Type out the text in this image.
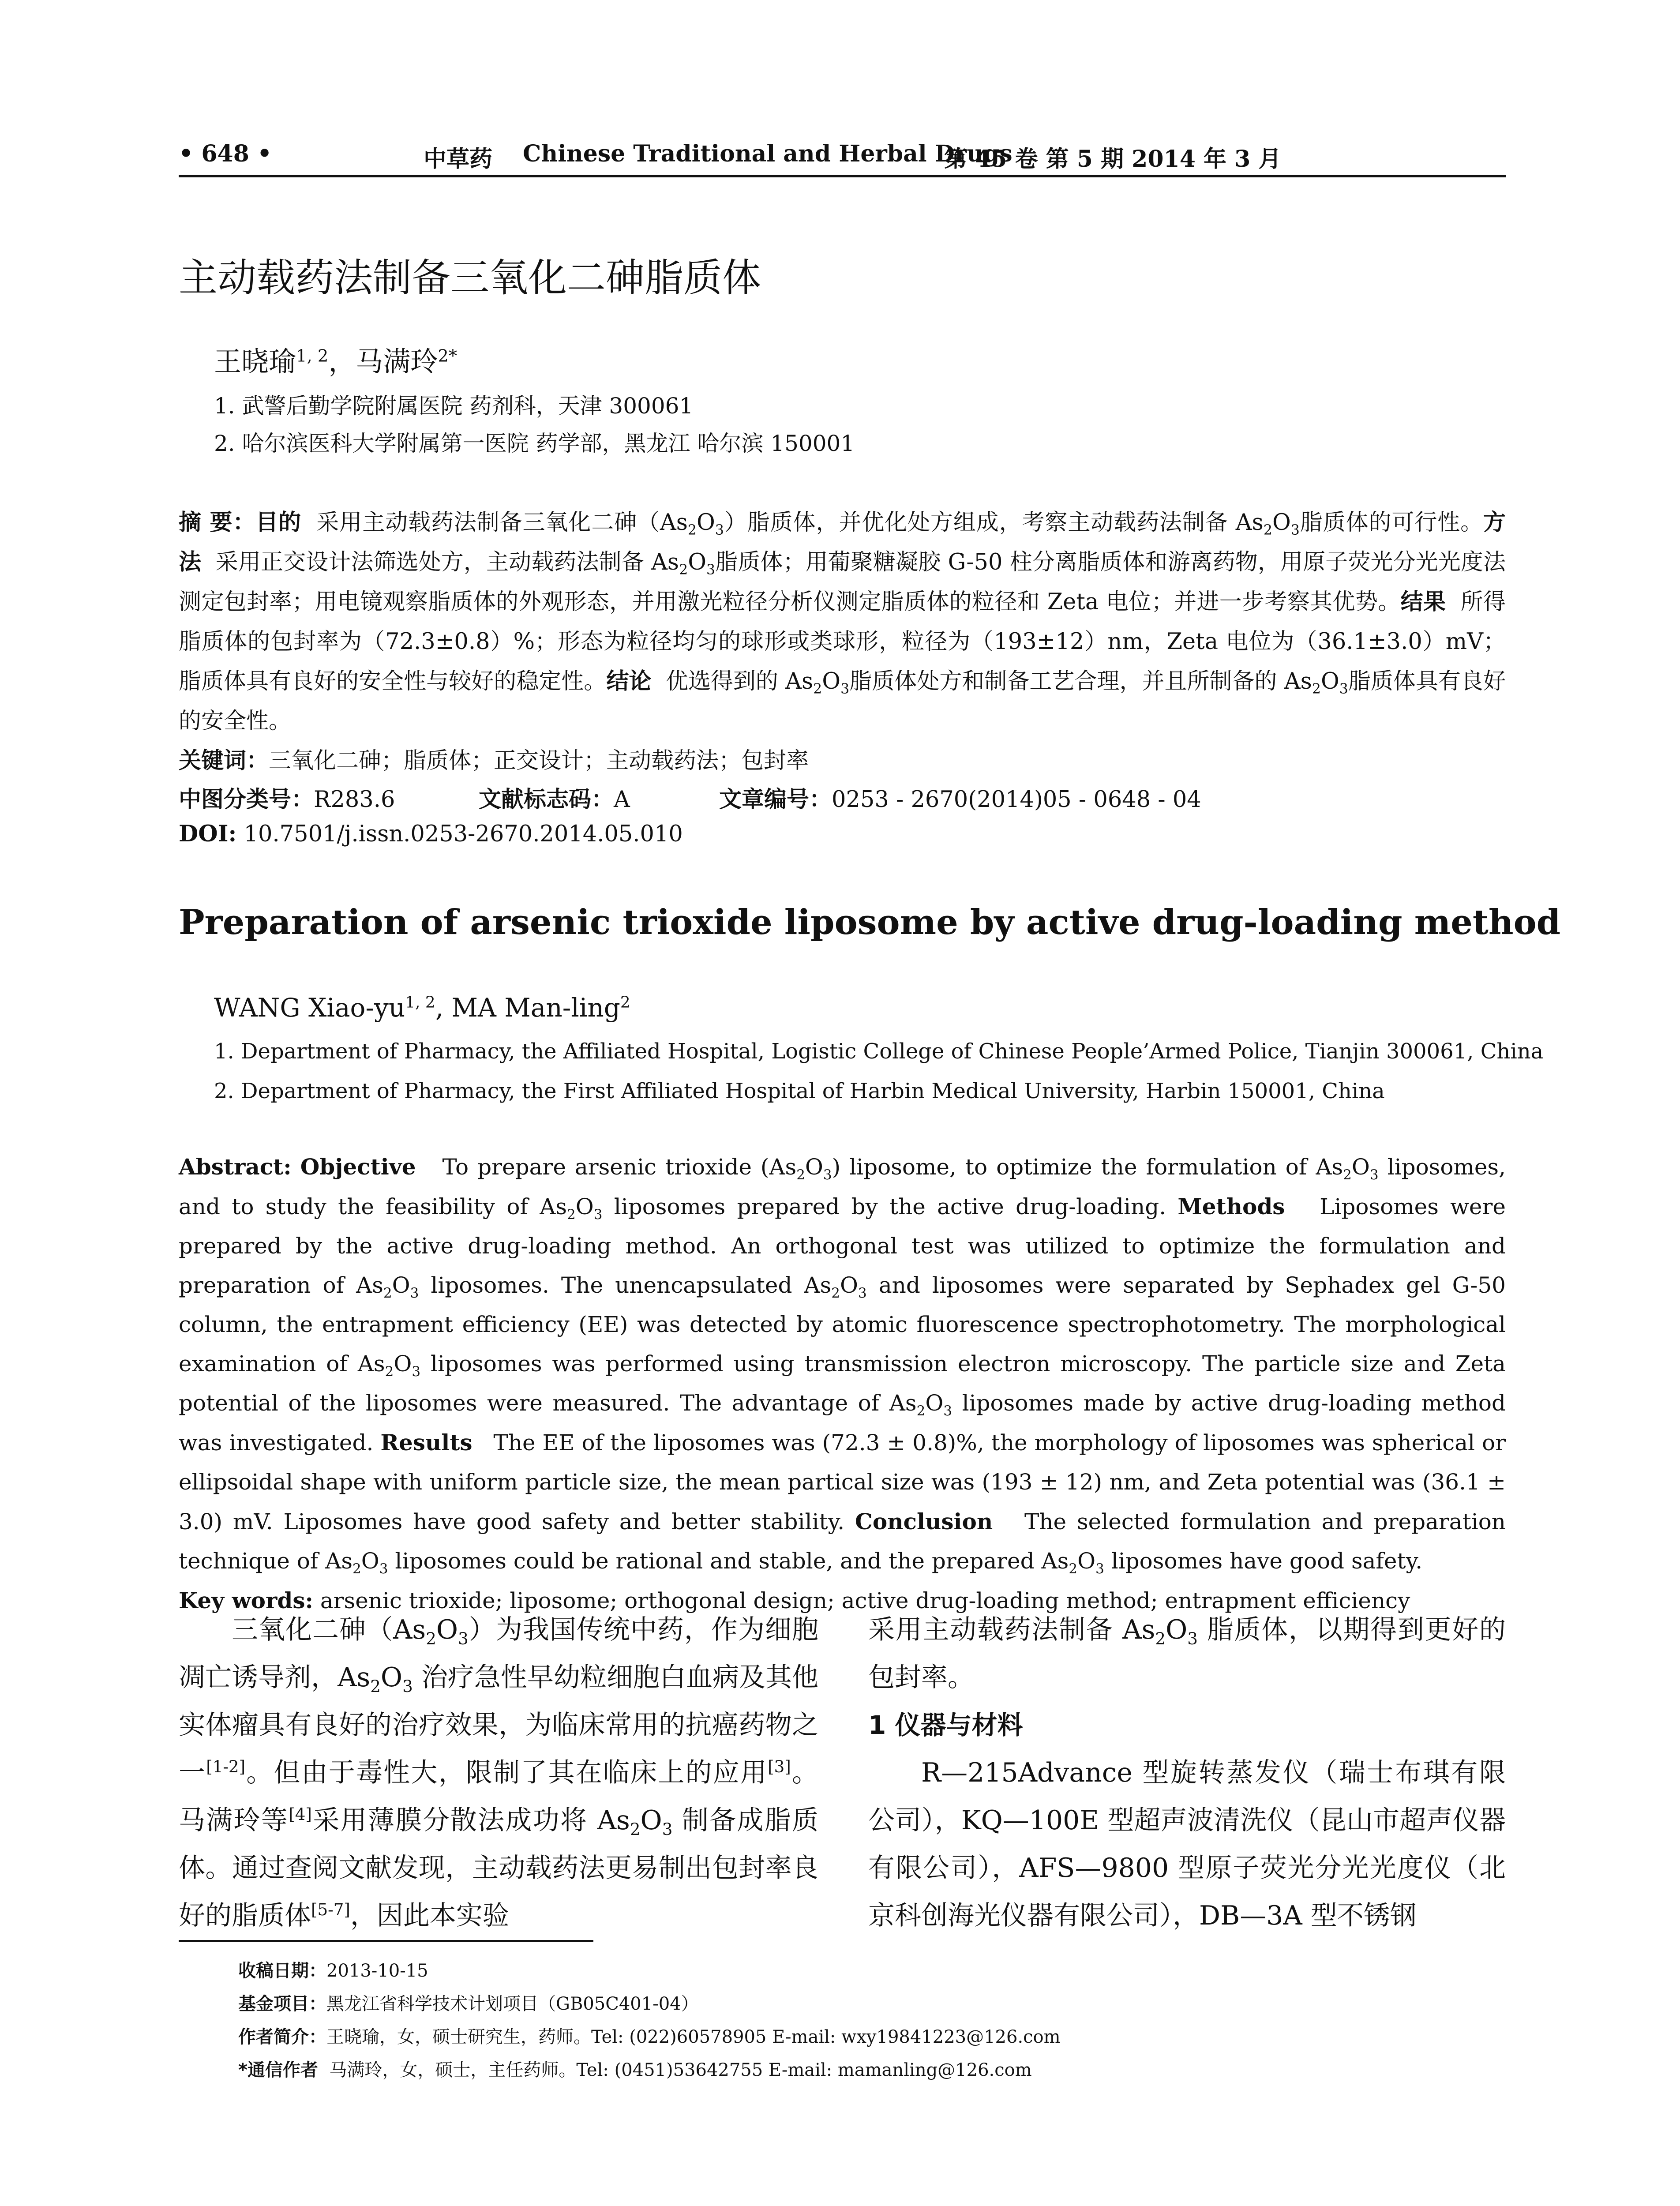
• 648 •	中草药 Chinese Traditional and Herbal Drugs
第 45 卷 第 5 期 2014 年 3 月
主动载药法制备三氧化二砷脂质体
王晓瑜$^{1, 2}$，马满玲$^{2*}$
1. 武警后勤学院附属医院 药剂科，天津 300061
2. 哈尔滨医科大学附属第一医院 药学部，黑龙江 哈尔滨 150001
摘 要：目的 采用主动载药法制备三氧化二砷$(As_2O_3)$脂质体，并优化处方组成，考察主动载药法制备 $As_2O_3$脂质体的可行性。方法 采用正交设计法筛选处方，主动载药法制备 $As_2O_3$脂质体；用葡聚糖凝胶 G-50 柱分离脂质体和游离药物，用原子荧光分光光度法测定包封率；用电镜观察脂质体的外观形态，并用激光粒径分析仪测定脂质体的粒径和 Zeta 电位；并进一步考察其优势。结果 所得脂质体的包封率为（72.3±0.8）%；形态为粒径均匀的球形或类球形，粒径为（193±12）nm，Zeta 电位为（36.1±3.0）mV；脂质体具有良好的安全性与较好的稳定性。结论 优选得到的 $As_2O_3$脂质体处方和制备工艺合理，并且所制备的 $As_2O_3$脂质体具有良好的安全性。
关键词：三氧化二砷；脂质体；正交设计；主动载药法；包封率
中图分类号：R283.6	文献标志码：A	文章编号：0253 - 2670(2014)05 - 0648 - 04
DOI: 10.7501/j.issn.0253-2670.2014.05.010
Preparation of arsenic trioxide liposome by active drug-loading method
WANG Xiao-yu$^{1, 2}$, MA Man-ling$^2$
1. Department of Pharmacy, the Affiliated Hospital, Logistic College of Chinese People’Armed Police, Tianjin 300061, China
2. Department of Pharmacy, the First Affiliated Hospital of Harbin Medical University, Harbin 150001, China
Abstract: Objective To prepare arsenic trioxide $(As_2O_3)$ liposome, to optimize the formulation of $As_2O_3$ liposomes, and to study the feasibility of $As_2O_3$ liposomes prepared by the active drug-loading. Methods Liposomes were prepared by the active drug-loading method. An orthogonal test was utilized to optimize the formulation and preparation of $As_2O_3$ liposomes. The unencapsulated $As_2O_3$ and liposomes were separated by Sephadex gel G-50 column, the entrapment efficiency (EE) was detected by atomic fluorescence spectrophotometry. The morphological examination of $As_2O_3$ liposomes was performed using transmission electron microscopy. The particle size and Zeta potential of the liposomes were measured. The advantage of $As_2O_3$ liposomes made by active drug-loading method was investigated. Results The EE of the liposomes was (72.3 ± 0.8)%, the morphology of liposomes was spherical or ellipsoidal shape with uniform particle size, the mean partical size was (193 ± 12) nm, and Zeta potential was (36.1 ± 3.0) mV. Liposomes have good safety and better stability. Conclusion The selected formulation and preparation technique of $As_2O_3$ liposomes could be rational and stable, and the prepared $As_2O_3$ liposomes have good safety.
Key words: arsenic trioxide; liposome; orthogonal design; active drug-loading method; entrapment efficiency
三氧化二砷$(As_2O_3)$为我国传统中药，作为细胞凋亡诱导剂，$As_2O_3$ 治疗急性早幼粒细胞白血病及其他实体瘤具有良好的治疗效果，为临床常用的抗癌药物之一[1-2]。但由于毒性大，限制了其在临床上的应用[3]。马满玲等[4]采用薄膜分散法成功将 $As_2O_3$ 制备成脂质体。通过查阅文献发现，主动载药法更易制出包封率良好的脂质体[5-7]，因此本实验
采用主动载药法制备 $As_2O_3$ 脂质体，以期得到更好的包封率。
1 仪器与材料
R—215Advance 型旋转蒸发仪（瑞士布琪有限公司），KQ—100E 型超声波清洗仪（昆山市超声仪器有限公司），AFS—9800 型原子荧光分光光度仪（北京科创海光仪器有限公司），DB—3A 型不锈钢
收稿日期：2013-10-15
基金项目：黑龙江省科学技术计划项目（GB05C401-04）
作者简介：王晓瑜，女，硕士研究生，药师。Tel: (022)60578905 E-mail: wxy19841223@126.com
*通信作者 马满玲，女，硕士，主任药师。Tel: (0451)53642755 E-mail: mamanling@126.com
